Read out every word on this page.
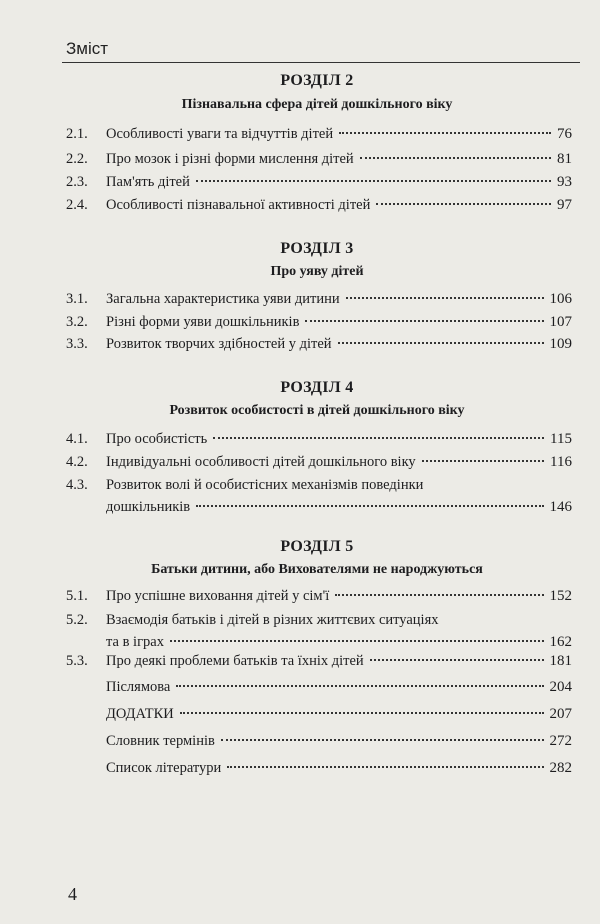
Зміст
РОЗДІЛ 2
Пізнавальна сфера дітей дошкільного віку
2.1.	Особливості уваги та відчуттів дітей	76
2.2.	Про мозок і різні форми мислення дітей	81
2.3.	Пам'ять дітей	93
2.4.	Особливості пізнавальної активності дітей	97
РОЗДІЛ 3
Про уяву дітей
3.1.	Загальна характеристика уяви дитини	106
3.2.	Різні форми уяви дошкільників	107
3.3.	Розвиток творчих здібностей у дітей	109
РОЗДІЛ 4
Розвиток особистості в дітей дошкільного віку
4.1.	Про особистість	115
4.2.	Індивідуальні особливості дітей дошкільного віку	116
4.3.	Розвиток волі й особистісних механізмів поведінки
дошкільників	146
РОЗДІЛ 5
Батьки дитини, або Вихователями не народжуються
5.1.	Про успішне виховання дітей у сім'ї	152
5.2.	Взаємодія батьків і дітей в різних життєвих ситуаціях
та в іграх	162
5.3.	Про деякі проблеми батьків та їхніх дітей	181
Післямова	204
ДОДАТКИ	207
Словник термінів	272
Список літератури	282
4
